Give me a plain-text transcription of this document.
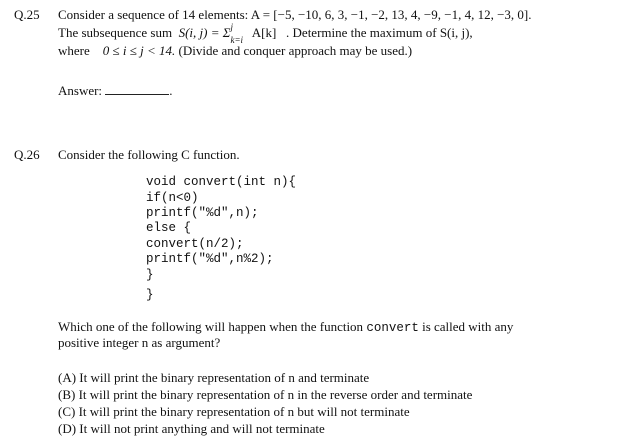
Q.25 Consider a sequence of 14 elements: A = [−5, −10, 6, 3, −1, −2, 13, 4, −9, −1, 4, 12, −3, 0].
The subsequence sum S(i, j) = Σ j
k=i A[k] . Determine the maximum of S(i, j),
where 0 ≤ i ≤ j < 14. (Divide and conquer approach may be used.)
Answer:	.
Q.26 Consider the following C function.
void convert(int n){
if(n<0)
printf("%d",n);
else {
convert(n/2);
printf("%d",n%2);
}
}
Which one of the following will happen when the function convert is called with any
positive integer n as argument?
(A) It will print the binary representation of n and terminate
(B) It will print the binary representation of n in the reverse order and terminate
(C) It will print the binary representation of n but will not terminate
(D) It will not print anything and will not terminate
